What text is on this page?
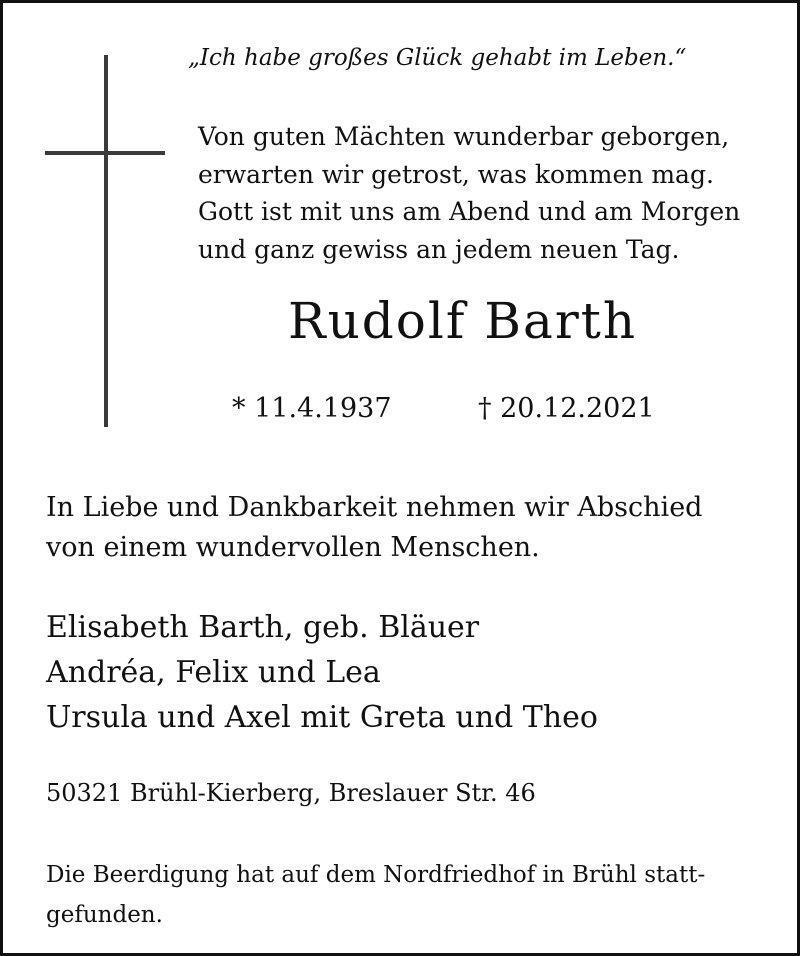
„Ich habe großes Glück gehabt im Leben.“
Von guten Mächten wunderbar geborgen,
erwarten wir getrost, was kommen mag.
Gott ist mit uns am Abend und am Morgen
und ganz gewiss an jedem neuen Tag.
Rudolf Barth
* 11.4.1937	† 20.12.2021
In Liebe und Dankbarkeit nehmen wir Abschied
von einem wundervollen Menschen.
Elisabeth Barth, geb. Bläuer
Andréa, Felix und Lea
Ursula und Axel mit Greta und Theo
50321 Brühl-Kierberg, Breslauer Str. 46
Die Beerdigung hat auf dem Nordfriedhof in Brühl statt-
gefunden.
